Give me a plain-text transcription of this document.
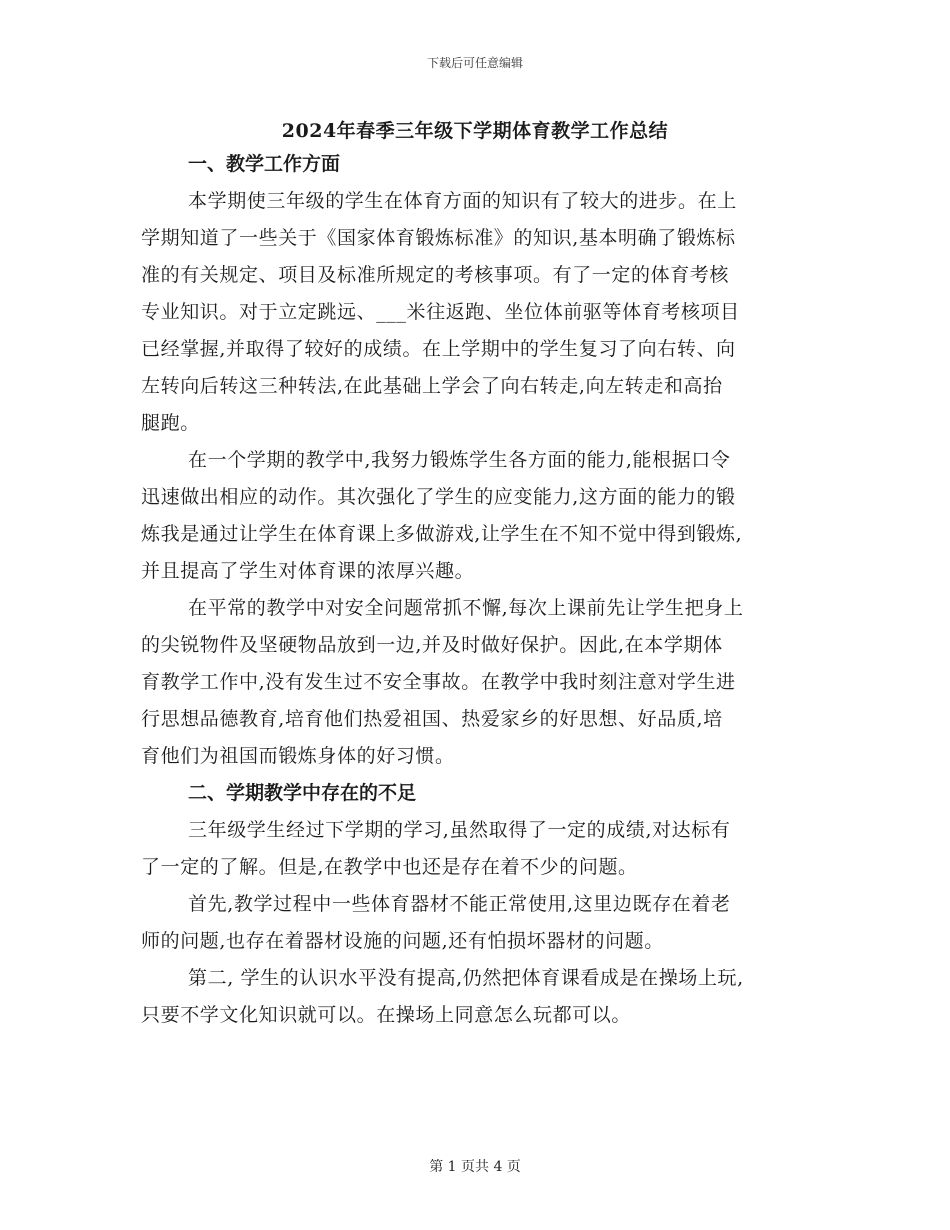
下载后可任意编辑
2024年春季三年级下学期体育教学工作总结
一、教学工作方面
本学期使三年级的学生在体育方面的知识有了较大的进步。在上
学期知道了一些关于《国家体育锻炼标准》的知识,基本明确了锻炼标
准的有关规定、项目及标准所规定的考核事项。有了一定的体育考核
专业知识。对于立定跳远、___米往返跑、坐位体前驱等体育考核项目
已经掌握,并取得了较好的成绩。在上学期中的学生复习了向右转、向
左转向后转这三种转法,在此基础上学会了向右转走,向左转走和高抬
腿跑。
在一个学期的教学中,我努力锻炼学生各方面的能力,能根据口令
迅速做出相应的动作。其次强化了学生的应变能力,这方面的能力的锻
炼我是通过让学生在体育课上多做游戏,让学生在不知不觉中得到锻炼,
并且提高了学生对体育课的浓厚兴趣。
在平常的教学中对安全问题常抓不懈,每次上课前先让学生把身上
的尖锐物件及坚硬物品放到一边,并及时做好保护。因此,在本学期体
育教学工作中,没有发生过不安全事故。在教学中我时刻注意对学生进
行思想品德教育,培育他们热爱祖国、热爱家乡的好思想、好品质,培
育他们为祖国而锻炼身体的好习惯。
二、学期教学中存在的不足
三年级学生经过下学期的学习,虽然取得了一定的成绩,对达标有
了一定的了解。但是,在教学中也还是存在着不少的问题。
首先,教学过程中一些体育器材不能正常使用,这里边既存在着老
师的问题,也存在着器材设施的问题,还有怕损坏器材的问题。
第二, 学生的认识水平没有提高,仍然把体育课看成是在操场上玩,
只要不学文化知识就可以。在操场上同意怎么玩都可以。
第 1 页共 4 页
